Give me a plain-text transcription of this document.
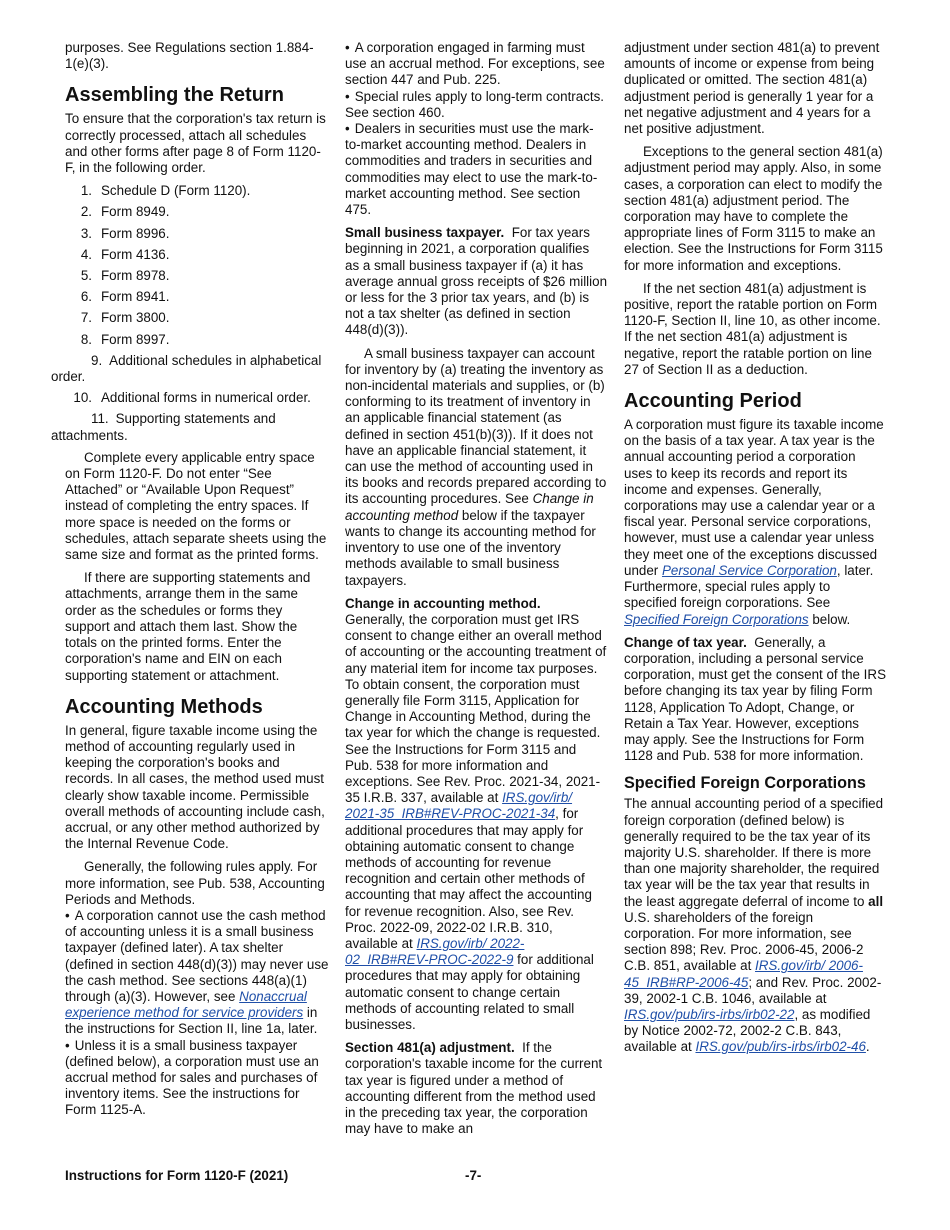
purposes. See Regulations section 1.884-1(e)(3).

Assembling the Return

To ensure that the corporation's tax return is correctly processed, attach all schedules and other forms after page 8 of Form 1120-F, in the following order.

1. Schedule D (Form 1120).
2. Form 8949.
3. Form 8996.
4. Form 4136.
5. Form 8978.
6. Form 8941.
7. Form 3800.
8. Form 8997.
9. Additional schedules in alphabetical order.
10. Additional forms in numerical order.
11. Supporting statements and attachments.

Complete every applicable entry space on Form 1120-F. Do not enter “See Attached” or “Available Upon Request” instead of completing the entry spaces. If more space is needed on the forms or schedules, attach separate sheets using the same size and format as the printed forms.

If there are supporting statements and attachments, arrange them in the same order as the schedules or forms they support and attach them last. Show the totals on the printed forms. Enter the corporation's name and EIN on each supporting statement or attachment.

Accounting Methods

In general, figure taxable income using the method of accounting regularly used in keeping the corporation's books and records. In all cases, the method used must clearly show taxable income. Permissible overall methods of accounting include cash, accrual, or any other method authorized by the Internal Revenue Code.

Generally, the following rules apply. For more information, see Pub. 538, Accounting Periods and Methods.

• A corporation cannot use the cash method of accounting unless it is a small business taxpayer (defined later). A tax shelter (defined in section 448(d)(3)) may never use the cash method. See sections 448(a)(1) through (a)(3). However, see Nonaccrual experience method for service providers in the instructions for Section II, line 1a, later.
• Unless it is a small business taxpayer (defined below), a corporation must use an accrual method for sales and purchases of inventory items. See the instructions for Form 1125-A.
• A corporation engaged in farming must use an accrual method. For exceptions, see section 447 and Pub. 225.
• Special rules apply to long-term contracts. See section 460.
• Dealers in securities must use the mark-to-market accounting method. Dealers in commodities and traders in securities and commodities may elect to use the mark-to-market accounting method. See section 475.

Small business taxpayer. For tax years beginning in 2021, a corporation qualifies as a small business taxpayer if (a) it has average annual gross receipts of $26 million or less for the 3 prior tax years, and (b) is not a tax shelter (as defined in section 448(d)(3)).

A small business taxpayer can account for inventory by (a) treating the inventory as non-incidental materials and supplies, or (b) conforming to its treatment of inventory in an applicable financial statement (as defined in section 451(b)(3)). If it does not have an applicable financial statement, it can use the method of accounting used in its books and records prepared according to its accounting procedures. See Change in accounting method below if the taxpayer wants to change its accounting method for inventory to use one of the inventory methods available to small business taxpayers.

Change in accounting method.
Generally, the corporation must get IRS consent to change either an overall method of accounting or the accounting treatment of any material item for income tax purposes. To obtain consent, the corporation must generally file Form 3115, Application for Change in Accounting Method, during the tax year for which the change is requested. See the Instructions for Form 3115 and Pub. 538 for more information and exceptions. See Rev. Proc. 2021-34, 2021-35 I.R.B. 337, available at IRS.gov/irb/ 2021-35_IRB#REV-PROC-2021-34, for additional procedures that may apply for obtaining automatic consent to change methods of accounting for revenue recognition and certain other methods of accounting that may affect the accounting for revenue recognition. Also, see Rev. Proc. 2022-09, 2022-02 I.R.B. 310, available at IRS.gov/irb/ 2022-02_IRB#REV-PROC-2022-9 for additional procedures that may apply for obtaining automatic consent to change certain methods of accounting related to small businesses.

Section 481(a) adjustment. If the corporation's taxable income for the current tax year is figured under a method of accounting different from the method used in the preceding tax year, the corporation may have to make an

adjustment under section 481(a) to prevent amounts of income or expense from being duplicated or omitted. The section 481(a) adjustment period is generally 1 year for a net negative adjustment and 4 years for a net positive adjustment.

Exceptions to the general section 481(a) adjustment period may apply. Also, in some cases, a corporation can elect to modify the section 481(a) adjustment period. The corporation may have to complete the appropriate lines of Form 3115 to make an election. See the Instructions for Form 3115 for more information and exceptions.

If the net section 481(a) adjustment is positive, report the ratable portion on Form 1120-F, Section II, line 10, as other income. If the net section 481(a) adjustment is negative, report the ratable portion on line 27 of Section II as a deduction.

Accounting Period

A corporation must figure its taxable income on the basis of a tax year. A tax year is the annual accounting period a corporation uses to keep its records and report its income and expenses. Generally, corporations may use a calendar year or a fiscal year. Personal service corporations, however, must use a calendar year unless they meet one of the exceptions discussed under Personal Service Corporation, later. Furthermore, special rules apply to specified foreign corporations. See Specified Foreign Corporations below.

Change of tax year. Generally, a corporation, including a personal service corporation, must get the consent of the IRS before changing its tax year by filing Form 1128, Application To Adopt, Change, or Retain a Tax Year. However, exceptions may apply. See the Instructions for Form 1128 and Pub. 538 for more information.

Specified Foreign Corporations

The annual accounting period of a specified foreign corporation (defined below) is generally required to be the tax year of its majority U.S. shareholder. If there is more than one majority shareholder, the required tax year will be the tax year that results in the least aggregate deferral of income to all U.S. shareholders of the foreign corporation. For more information, see section 898; Rev. Proc. 2006-45, 2006-2 C.B. 851, available at IRS.gov/irb/ 2006-45_IRB#RP-2006-45; and Rev. Proc. 2002-39, 2002-1 C.B. 1046, available at IRS.gov/pub/irs-irbs/irb02-22, as modified by Notice 2002-72, 2002-2 C.B. 843, available at IRS.gov/pub/irs-irbs/irb02-46.

Instructions for Form 1120-F (2021)	-7-
